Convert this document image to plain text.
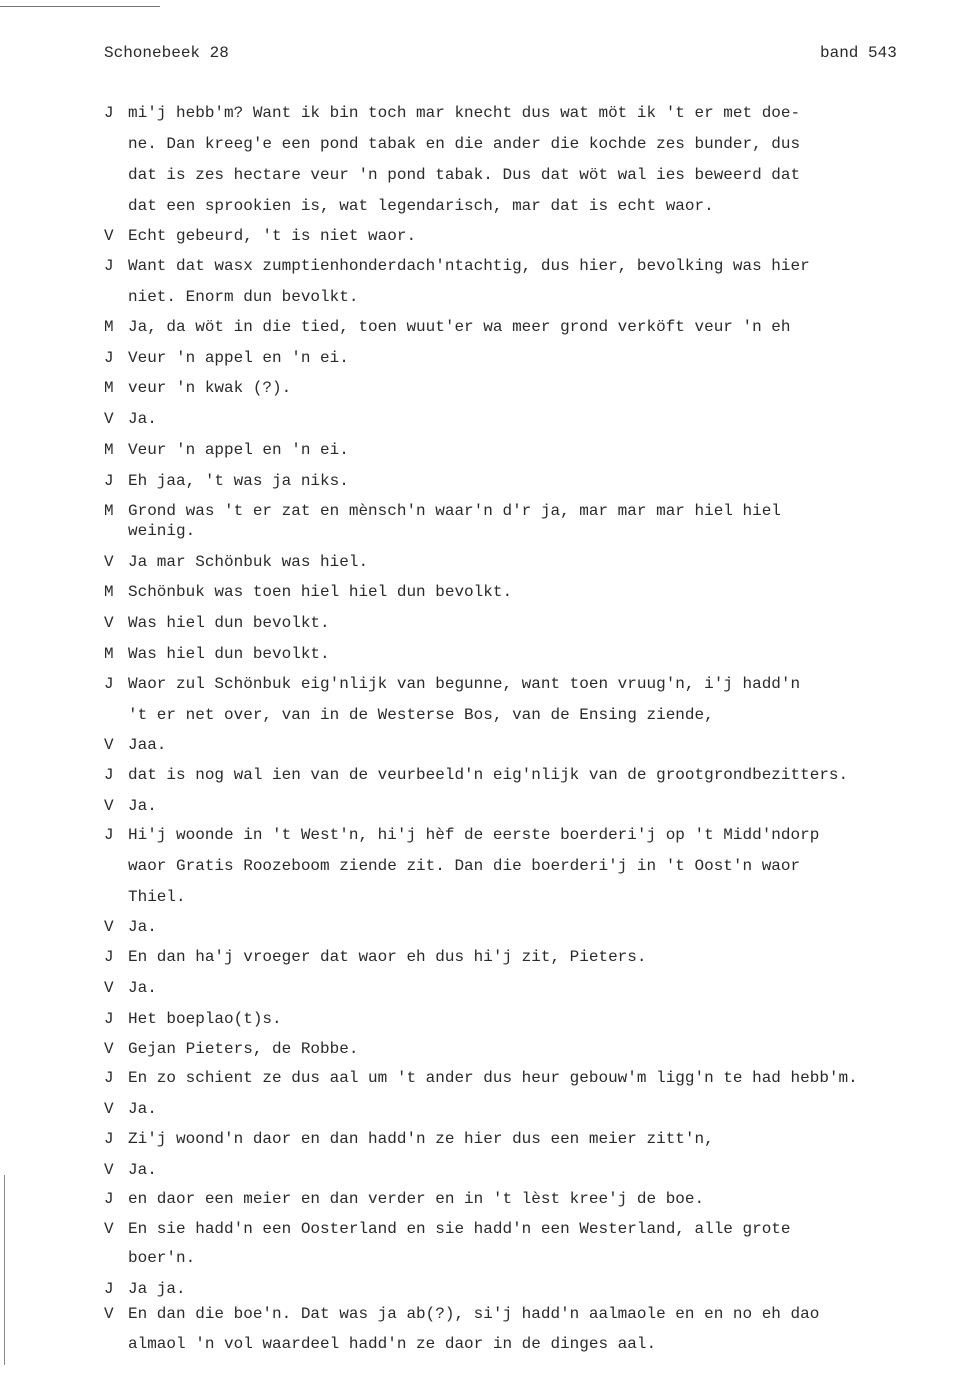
Schonebeek 28	band 543
J mi'j hebb'm? Want ik bin toch mar knecht dus wat möt ik 't er met doe-
ne. Dan kreeg'e een pond tabak en die ander die kochde zes bunder, dus
dat is zes hectare veur 'n pond tabak. Dus dat wöt wal ies beweerd dat
dat een sprookien is, wat legendarisch, mar dat is echt waor.
V Echt gebeurd, 't is niet waor.
J Want dat wasx zumptienhonderdach'ntachtig, dus hier, bevolking was hier
niet. Enorm dun bevolkt.
M Ja, da wöt in die tied, toen wuut'er wa meer grond verköft veur 'n eh
J Veur 'n appel en 'n ei.
M veur 'n kwak (?).
V Ja.
M Veur 'n appel en 'n ei.
J Eh jaa, 't was ja niks.
M Grond was 't er zat en mènsch'n waar'n d'r ja, mar mar mar hiel hiel
weinig.
V Ja mar Schönbuk was hiel.
M Schönbuk was toen hiel hiel dun bevolkt.
V Was hiel dun bevolkt.
M Was hiel dun bevolkt.
J Waor zul Schönbuk eig'nlijk van begunne, want toen vruug'n, i'j hadd'n
't er net over, van in de Westerse Bos, van de Ensing ziende,
V Jaa.
J dat is nog wal ien van de veurbeeld'n eig'nlijk van de grootgrondbezitters.
V Ja.
J Hi'j woonde in 't West'n, hi'j hèf de eerste boerderi'j op 't Midd'ndorp
waor Gratis Roozeboom ziende zit. Dan die boerderi'j in 't Oost'n waor
Thiel.
V Ja.
J En dan ha'j vroeger dat waor eh dus hi'j zit, Pieters.
V Ja.
J Het boeplao(t)s.
V Gejan Pieters, de Robbe.
J En zo schient ze dus aal um 't ander dus heur gebouw'm ligg'n te had hebb'm.
V Ja.
J Zi'j woond'n daor en dan hadd'n ze hier dus een meier zitt'n,
V Ja.
J en daor een meier en dan verder en in 't lèst kree'j de boe.
V En sie hadd'n een Oosterland en sie hadd'n een Westerland, alle grote
boer'n.
J Ja ja.
V En dan die boe'n. Dat was ja ab(?), si'j hadd'n aalmaole en en no eh dao
almaol 'n vol waardeel hadd'n ze daor in de dinges aal.
